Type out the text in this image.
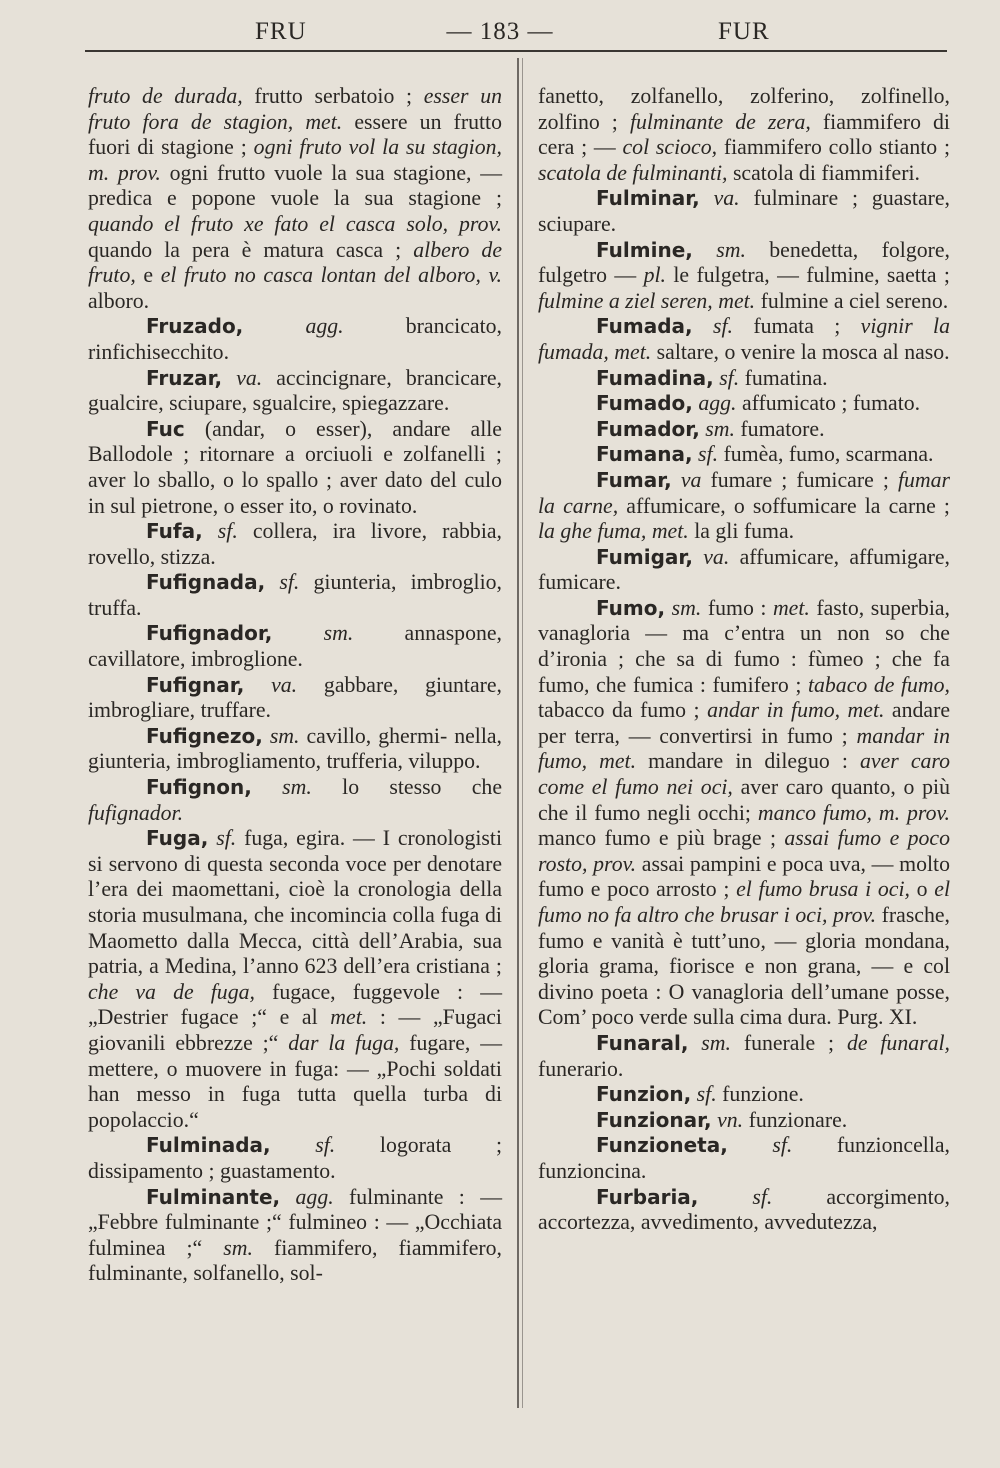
FRU	— 183 —	FUR

fruto de durada, frutto serbatoio ; esser un fruto fora de stagion, met. essere un frutto fuori di stagione ; ogni fruto vol la su stagion, m. prov. ogni frutto vuole la sua stagione, — predica e popone vuole la sua stagione ; quando el fruto xe fato el casca solo, prov. quando la pera è matura casca ; albero de fruto, e el fruto no casca lontan del alboro, v. alboro.

Fruzado,	agg. brancicato, rinfichisecchito.

Fruzar, va. accincignare, brancicare, gualcire, sciupare, sgualcire, spiegazzare.

Fuc (andar, o esser), andare alle Ballodole ; ritornare a orciuoli e zolfanelli ; aver lo sballo, o lo spallo ; aver dato del culo in sul pietrone, o esser ito, o rovinato.

Fufa, sf. collera, ira livore, rabbia, rovello, stizza.

Fufignada, sf. giunteria, imbroglio, truffa.

Fufignador, sm. annaspone, cavillatore, imbroglione.

Fufignar, va. gabbare, giuntare, imbrogliare, truffare.

Fufignezo, sm. cavillo, ghermi- nella, giunteria, imbrogliamento, trufferia, viluppo.

Fufignon, sm. lo stesso che fufignador.

Fuga, sf. fuga, egira. — I cronologisti si servono di questa seconda voce per denotare l’era dei maomettani, cioè la cronologia della storia musulmana, che incomincia colla fuga di Maometto dalla Mecca, città dell’Arabia, sua patria, a Medina, l’anno 623 dell’era cristiana ; che va de fuga, fugace, fuggevole : — „Destrier fugace ;“ e al met. : — „Fugaci giovanili ebbrezze ;“ dar la fuga, fugare, — mettere, o muovere in fuga: — „Pochi soldati han messo in fuga tutta quella turba di popolaccio.“

Fulminada, sf. logorata ; dissipamento ; guastamento.

Fulminante, agg. fulminante : — „Febbre fulminante ;“ fulmineo : — „Occhiata fulminea ;“ sm. fiammifero, fiammifero, fulminante, solfanello, sol-

fanetto, zolfanello, zolferino, zolfinello, zolfino ; fulminante de zera, fiammifero di cera ; — col scioco, fiammifero collo stianto ; scatola de fulminanti, scatola di fiammiferi.

Fulminar, va. fulminare ; guastare, sciupare.

Fulmine, sm. benedetta, folgore, fulgetro — pl. le fulgetra, — fulmine, saetta ; fulmine a ziel seren, met. fulmine a ciel sereno.

Fumada, sf. fumata ; vignir la fumada, met. saltare, o venire la mosca al naso.

Fumadina, sf. fumatina.

Fumado, agg. affumicato ; fumato.

Fumador, sm. fumatore.

Fumana, sf. fumèa, fumo, scarmana.

Fumar, va fumare ; fumicare ; fumar la carne, affumicare, o soffumicare la carne ; la ghe fuma, met. la gli fuma.

Fumigar, va. affumicare, affumigare, fumicare.

Fumo, sm. fumo : met. fasto, superbia, vanagloria — ma c’entra un non so che d’ironia ; che sa di fumo : fùmeo ; che fa fumo, che fumica : fumifero ; tabaco de fumo, tabacco da fumo ; andar in fumo, met. andare per terra, — convertirsi in fumo ; mandar in fumo, met. mandare in dileguo : aver caro come el fumo nei oci, aver caro quanto, o più che il fumo negli occhi; manco fumo, m. prov. manco fumo e più brage ; assai fumo e poco rosto, prov. assai pampini e poca uva, — molto fumo e poco arrosto ; el fumo brusa i oci, o el fumo no fa altro che brusar i oci, prov. frasche, fumo e vanità è tutt’uno, — gloria mondana, gloria grama, fiorisce e non grana, — e col divino poeta : O vanagloria dell’umane posse, Com’ poco verde sulla cima dura. Purg. XI.

Funaral, sm. funerale ; de funaral, funerario.

Funzion, sf. funzione.

Funzionar, vn. funzionare.

Funzioneta, sf. funzioncella, funzioncina.

Furbaria, sf. accorgimento, accortezza, avvedimento, avvedutezza,
